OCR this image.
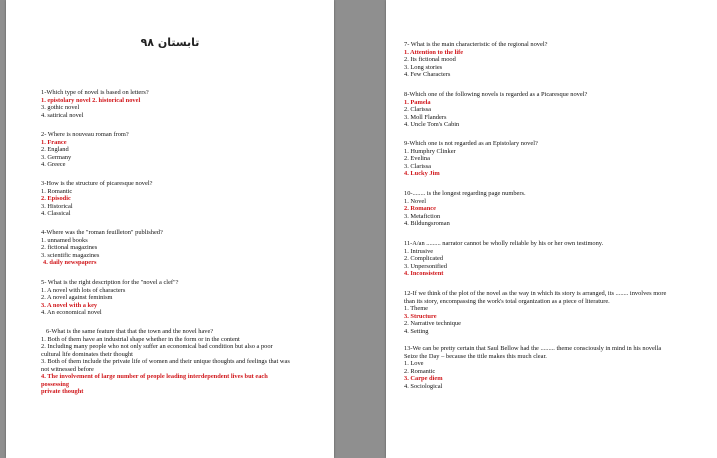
تابستان ۹۸
1-Which type of novel is based on letters?
1. epistolary novel 2. historical novel
3. gothic novel
4. satirical novel
2- Where is nouveau roman from?
1. France
2. England
3. Germany
4. Greece
3-How is the structure of picaresque novel?
1. Romantic
2. Episodic
3. Historical
4. Classical
4-Where was the "roman feuilleton" published?
1. unnamed books
2. fictional magazines
3. scientific magazines
4. daily newspapers
5- What is the right description for the "novel a clef"?
1. A novel with lots of characters
2. A novel against feminism
3. A novel with a key
4. An economical novel
6-What is the same feature that that the town and the novel have?
1. Both of them have an industrial shape whether in the form or in the content
2. Including many people who not only suffer an economical bad condition but also a poor
cultural life dominates their thought
3. Both of them include the private life of women and their unique thoughts and feelings that was
not witnessed before
4. The involvement of large number of people leading interdependent lives but each
possessing
private thought
7- What is the main characteristic of the regional novel?
1. Attention to the life
2. Its fictional mood
3. Long stories
4. Few Characters
8-Which one of the following novels is regarded as a Picaresque novel?
1. Pamela
2. Clarissa
3. Moll Flanders
4. Uncle Tom's Cabin
9-Which one is not regarded as an Epistolary novel?
1. Humphry Clinker
2. Evelina
3. Clarissa
4. Lucky Jim
10-........ is the longest regarding page numbers.
1. Novel
2. Romance
3. Metafiction
4. Bildungsroman
11-A/an ......... narrator cannot be wholly reliable by his or her own testimony.
1. Intrusive
2. Complicated
3. Unpersonified
4. Inconsistent
12-If we think of the plot of the novel as the way in which its story is arranged, its ........ involves more than its story, encompassing the work's total organization as a piece of literature.
1. Theme
3. Structure
2. Narrative technique
4. Setting
13-We can be pretty certain that Saul Bellow had the ......... theme consciously in mind in his novella Seize the Day – because the title makes this much clear.
1. Love
2. Romantic
3. Carpe diem
4. Sociological
